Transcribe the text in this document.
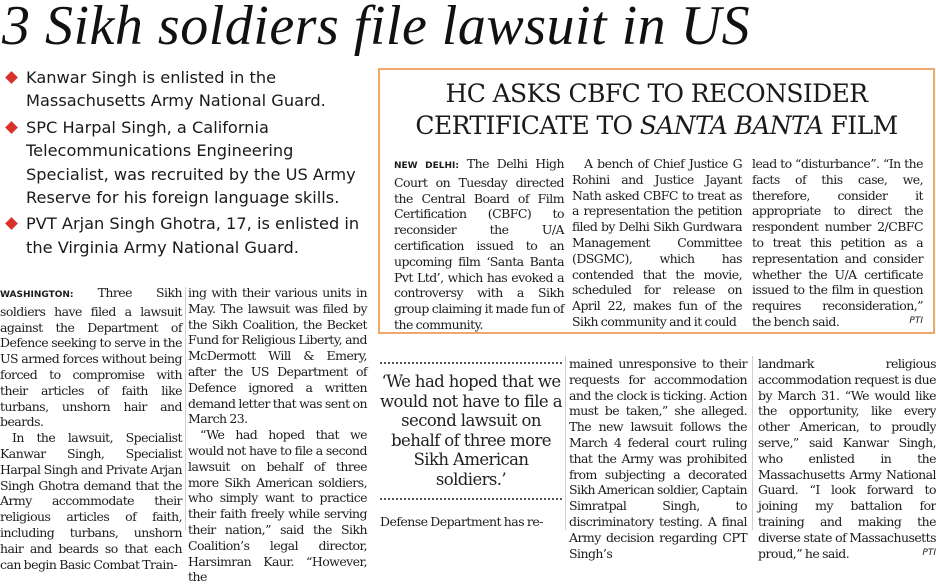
3 Sikh soldiers file lawsuit in US
Kanwar Singh is enlisted in the Massachusetts Army National Guard.
SPC Harpal Singh, a California Telecommunications Engineering Specialist, was recruited by the US Army Reserve for his foreign language skills.
PVT Arjan Singh Ghotra, 17, is enlisted in the Virginia Army National Guard.

WASHINGTON: Three Sikh soldiers have filed a lawsuit against the Department of Defence seeking to serve in the US armed forces without being forced to compromise with their articles of faith like turbans, unshorn hair and beards.

In the lawsuit, Specialist Kanwar Singh, Specialist Harpal Singh and Private Arjan Singh Ghotra demand that the Army accommodate their religious articles of faith, including turbans, unshorn hair and beards so that each can begin Basic Combat Train-

ing with their various units in May. The lawsuit was filed by the Sikh Coalition, the Becket Fund for Religious Liberty, and McDermott Will & Emery, after the US Department of Defence ignored a written demand letter that was sent on March 23.

“We had hoped that we would not have to file a second lawsuit on behalf of three more Sikh American soldiers, who simply want to practice their faith freely while serving their nation,” said the Sikh Coalition’s legal director, Harsimran Kaur. “However, the

HC ASKS CBFC TO RECONSIDER
CERTIFICATE TO SANTA BANTA FILM

NEW DELHI: The Delhi High Court on Tuesday directed the Central Board of Film Certification (CBFC) to reconsider the U/A certification issued to an upcoming film ‘Santa Banta Pvt Ltd’, which has evoked a controversy with a Sikh group claiming it made fun of the community.

A bench of Chief Justice G Rohini and Justice Jayant Nath asked CBFC to treat as a representation the petition filed by Delhi Sikh Gurdwara Management Committee (DSGMC), which has contended that the movie, scheduled for release on April 22, makes fun of the Sikh community and it could

lead to “disturbance”. “In the facts of this case, we, therefore, consider it appropriate to direct the respondent number 2/CBFC to treat this petition as a representation and consider whether the U/A certificate issued to the film in question requires reconsideration,” the bench said.	PTI

‘We had hoped that we would not have to file a second lawsuit on behalf of three more Sikh American soldiers.’

Defense Department has re-

mained unresponsive to their requests for accommodation and the clock is ticking. Action must be taken,” she alleged. The new lawsuit follows the March 4 federal court ruling that the Army was prohibited from subjecting a decorated Sikh American soldier, Captain Simratpal Singh, to discriminatory testing. A final Army decision regarding CPT Singh’s

landmark religious accommodation request is due by March 31. “We would like the opportunity, like every other American, to proudly serve,” said Kanwar Singh, who enlisted in the Massachusetts Army National Guard. “I look forward to joining my battalion for training and making the diverse state of Massachusetts proud,” he said.	PTI
